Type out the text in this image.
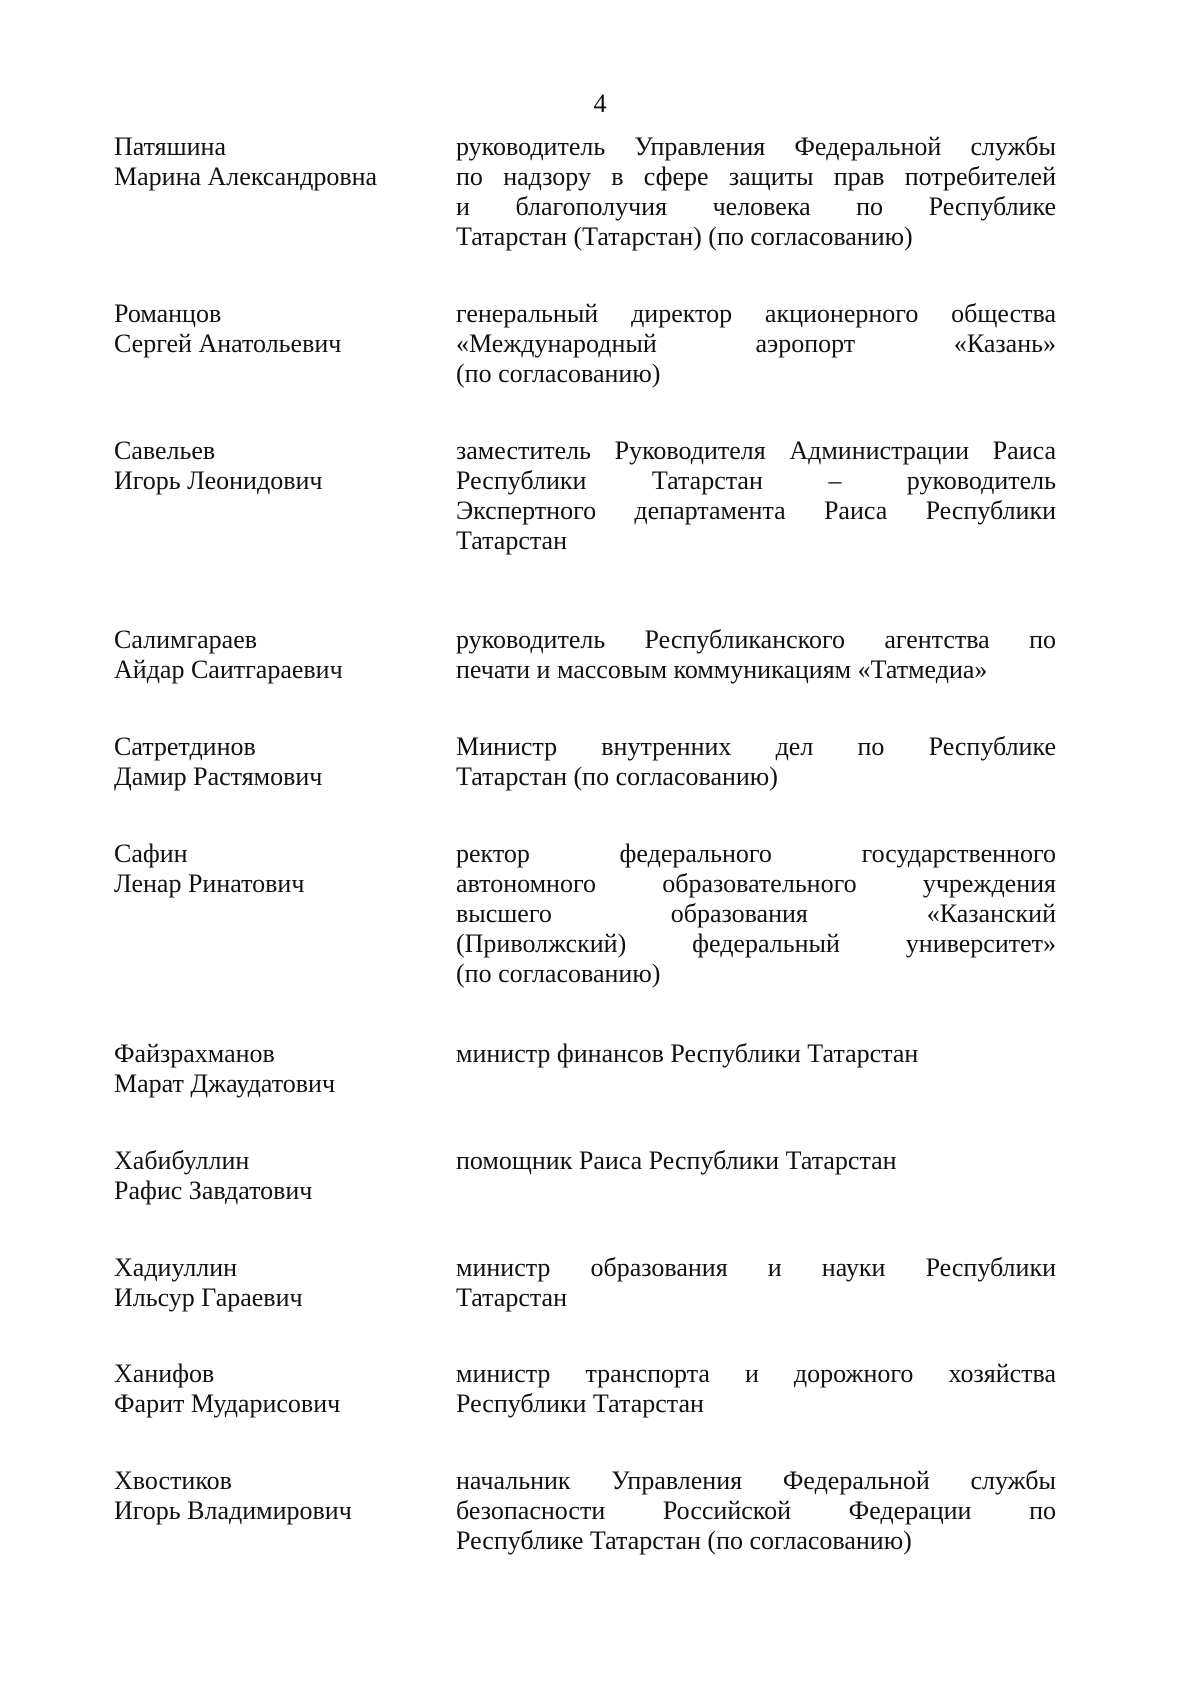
4
Патяшина
Марина Александровна
руководитель Управления Федеральной службы
по надзору в сфере защиты прав потребителей
и благополучия человека по Республике
Татарстан (Татарстан) (по согласованию)
Романцов
Сергей Анатольевич
генеральный директор акционерного общества
«Международный аэропорт «Казань»
(по согласованию)
Савельев
Игорь Леонидович
заместитель Руководителя Администрации Раиса
Республики Татарстан – руководитель
Экспертного департамента Раиса Республики
Татарстан
Салимгараев
Айдар Саитгараевич
руководитель Республиканского агентства по
печати и массовым коммуникациям «Татмедиа»
Сатретдинов
Дамир Растямович
Министр внутренних дел по Республике
Татарстан (по согласованию)
Сафин
Ленар Ринатович
ректор федерального государственного
автономного образовательного учреждения
высшего образования «Казанский
(Приволжский) федеральный университет»
(по согласованию)
Файзрахманов
Марат Джаудатович
министр финансов Республики Татарстан
Хабибуллин
Рафис Завдатович
помощник Раиса Республики Татарстан
Хадиуллин
Ильсур Гараевич
министр образования и науки Республики
Татарстан
Ханифов
Фарит Мударисович
министр транспорта и дорожного хозяйства
Республики Татарстан
Хвостиков
Игорь Владимирович
начальник Управления Федеральной службы
безопасности Российской Федерации по
Республике Татарстан (по согласованию)
